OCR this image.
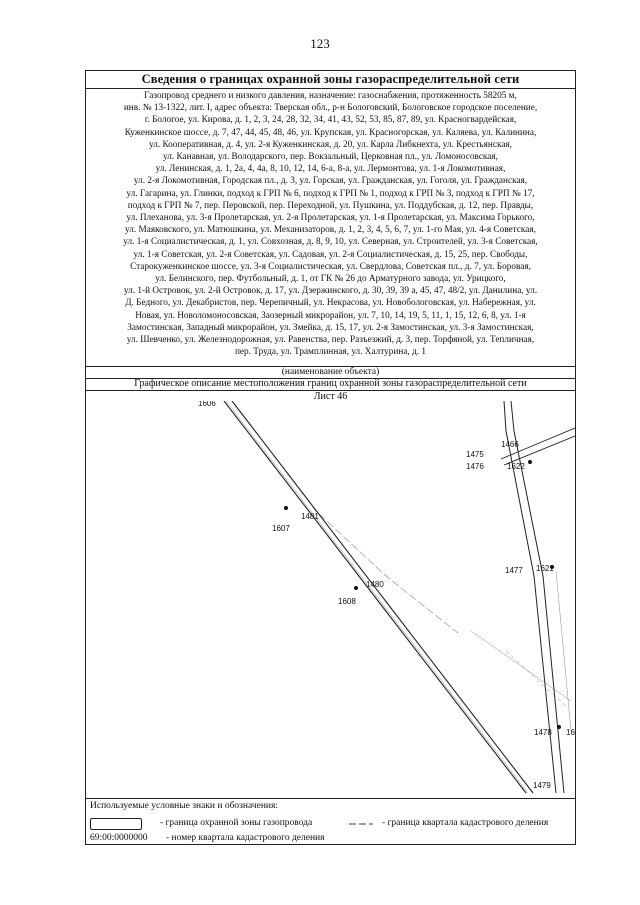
123
Сведения о границах охранной зоны газораспределительной сети
Газопровод среднего и низкого давления, назначение: газоснабжения, протяженность 58205 м,
инв. № 13-1322, лит. I, адрес объекта: Тверская обл., р-н Бологовский, Бологовское городское поселение,
г. Бологое, ул. Кирова, д. 1, 2, 3, 24, 28, 32, 34, 41, 43, 52, 53, 85, 87, 89, ул. Красногвардейская,
Куженкинское шоссе, д. 7, 47, 44, 45, 48, 46, ул. Крупская, ул. Красногорская, ул. Каляева, ул. Калинина,
ул. Кооперативная, д. 4, ул. 2-я Куженкинская, д. 20, ул. Карла Либкнехта, ул. Крестьянская,
ул. Канавная, ул. Володарского, пер. Вокзальный, Церковная пл., ул. Ломоносовская,
ул. Ленинская, д. 1, 2а, 4, 4а, 8, 10, 12, 14, 6-а, 8-а, ул. Лермонтова, ул. 1-я Локомотивная,
ул. 2-я Локомотивная, Городская пл., д. 3, ул. Горская, ул. Гражданская, ул. Гоголя, ул. Гражданская,
ул. Гагарина, ул. Глинки, подход к ГРП № 6, подход к ГРП № 1, подход к ГРП № 3, подход к ГРП № 17,
подход к ГРП № 7, пер. Перовской, пер. Переходной, ул. Пушкина, ул. Поддубская, д. 12, пер. Правды,
ул. Плеханова, ул. 3-я Пролетарская, ул. 2-я Пролетарская, ул. 1-я Пролетарская, ул. Максима Горького,
ул. Маяковского, ул. Матюшкина, ул. Механизаторов, д. 1, 2, 3, 4, 5, 6, 7, ул. 1-го Мая, ул. 4-я Советская,
ул. 1-я Социалистическая, д. 1, ул. Совхозная, д. 8, 9, 10, ул. Северная, ул. Строителей, ул. 3-я Советская,
ул. 1-я Советская, ул. 2-я Советская, ул. Садовая, ул. 2-я Социалистическая, д. 15, 25, пер. Свободы,
Старокуженкинское шоссе, ул. 3-я Социалистическая, ул. Свердлова, Советская пл., д. 7, ул. Боровая,
ул. Белинского, пер. Футбольный, д. 1, от ГК № 26 до Арматурного завода, ул. Урицкого,
ул. 1-й Островок, ул. 2-й Островок, д. 17, ул. Дзержинского, д. 30, 39, 39 а, 45, 47, 48/2, ул. Данилина, ул.
Д. Бедного, ул. Декабристов, пер. Черепичный, ул. Некрасова, ул. Новобологовская, ул. Набережная, ул.
Новая, ул. Новоломоносовская, Заозерный микрорайон, ул. 7, 10, 14, 19, 5, 11, 1, 15, 12, 6, 8, ул. 1-я
Замостинская, Западный микрорайон, ул. Змейка, д. 15, 17, ул. 2-я Замостинская, ул. 3-я Замостинская,
ул. Шевченко, ул. Железнодорожная, ул. Равенства, пер. Разъезжий, д. 3, пер. Торфяной, ул. Тепличная,
пер. Труда, ул. Трамплинная, ул. Халтурина, д. 1
(наименование объекта)
Графическое описание местоположения границ охранной зоны газораспределительной сети
Лист 46
1606
1481
1607
1480
1608
1466
1475
1476	1622
1477 1621
1478 16
1479
Используемые условные знаки и обозначения:
- граница охранной зоны газопровода	- граница квартала кадастрового деления
69:00:0000000 - номер квартала кадастрового деления
